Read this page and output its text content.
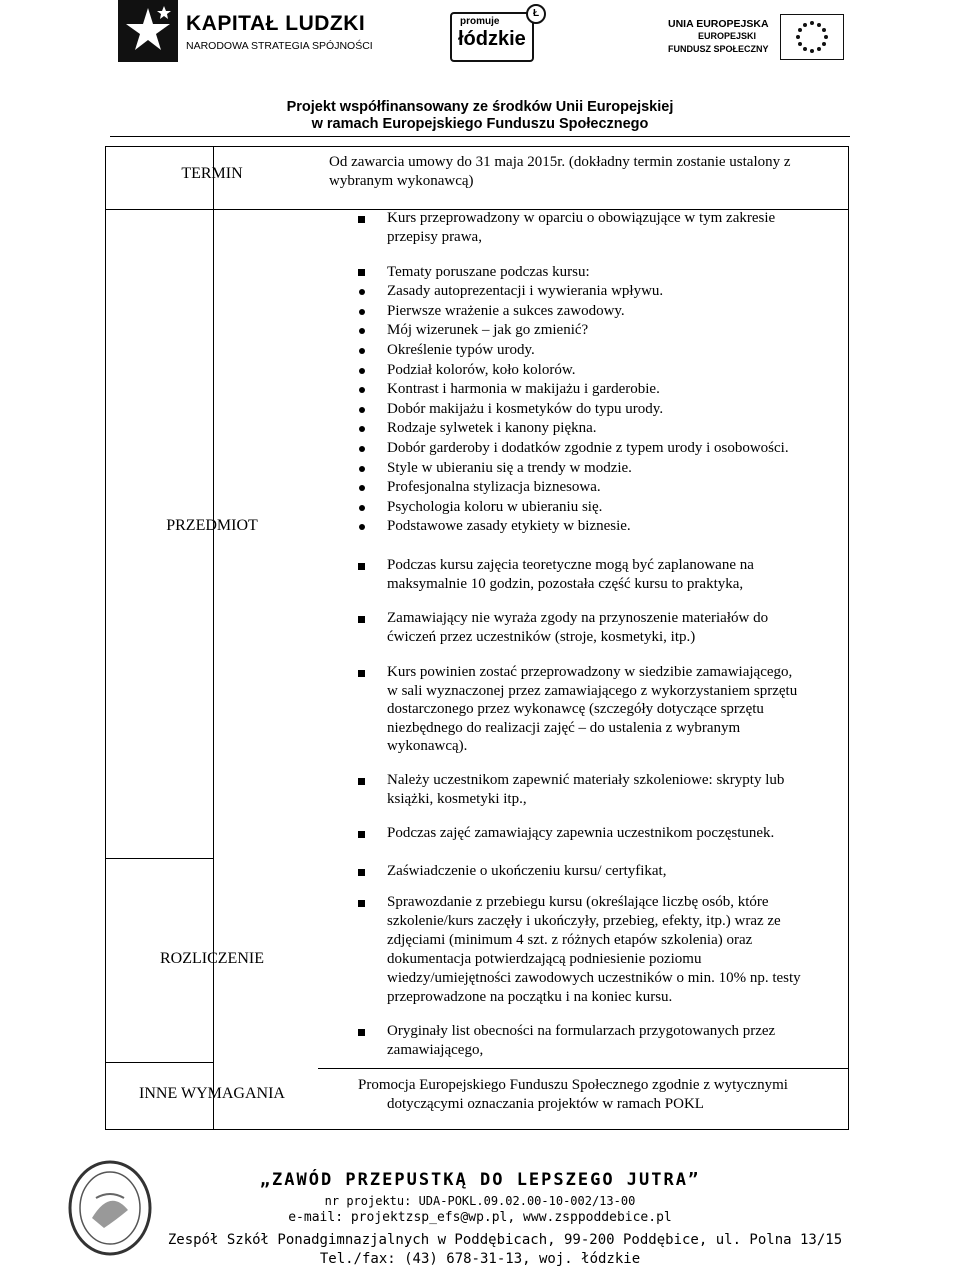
KAPITAŁ LUDZKI
NARODOWA STRATEGIA SPÓJNOŚCI
promuje
łódzkie
Ł
UNIA EUROPEJSKA
EUROPEJSKI
FUNDUSZ SPOŁECZNY
Projekt współfinansowany ze środków Unii Europejskiej
w ramach Europejskiego Funduszu Społecznego
TERMIN
PRZEDMIOT
ROZLICZENIE
INNE WYMAGANIA
Od zawarcia umowy do 31 maja 2015r. (dokładny termin zostanie ustalony z
wybranym wykonawcą)
Kurs przeprowadzony w oparciu o obowiązujące w tym zakresie
przepisy prawa,
Tematy poruszane podczas kursu:
Zasady autoprezentacji i wywierania wpływu.
Pierwsze wrażenie a sukces zawodowy.
Mój wizerunek – jak go zmienić?
Określenie typów urody.
Podział kolorów, koło kolorów.
Kontrast i harmonia w makijażu i garderobie.
Dobór makijażu i kosmetyków do typu urody.
Rodzaje sylwetek i kanony piękna.
Dobór garderoby i dodatków zgodnie z typem urody i osobowości.
Style w ubieraniu się a trendy w modzie.
Profesjonalna stylizacja biznesowa.
Psychologia koloru w ubieraniu się.
Podstawowe zasady etykiety w biznesie.
Podczas kursu zajęcia teoretyczne mogą być zaplanowane na
maksymalnie 10 godzin, pozostała część kursu to praktyka,
Zamawiający nie wyraża zgody na przynoszenie materiałów do
ćwiczeń przez uczestników (stroje, kosmetyki, itp.)
Kurs powinien zostać przeprowadzony w siedzibie zamawiającego,
w sali wyznaczonej przez zamawiającego z wykorzystaniem sprzętu
dostarczonego przez wykonawcę (szczegóły dotyczące sprzętu
niezbędnego do realizacji zajęć – do ustalenia z wybranym
wykonawcą).
Należy uczestnikom zapewnić materiały szkoleniowe: skrypty lub
książki, kosmetyki itp.,
Podczas zajęć zamawiający zapewnia uczestnikom poczęstunek.
Zaświadczenie o ukończeniu kursu/ certyfikat,
Sprawozdanie z przebiegu kursu (określające liczbę osób, które
szkolenie/kurs zaczęły i ukończyły, przebieg, efekty, itp.) wraz ze
zdjęciami (minimum 4 szt. z różnych etapów szkolenia) oraz
dokumentacja potwierdzającą podniesienie poziomu
wiedzy/umiejętności zawodowych uczestników o min. 10% np. testy
przeprowadzone na początku i na koniec kursu.
Oryginały list obecności na formularzach przygotowanych przez
zamawiającego,
Promocja Europejskiego Funduszu Społecznego zgodnie z wytycznymi
dotyczącymi oznaczania projektów w ramach POKL
„ZAWÓD PRZEPUSTKĄ DO LEPSZEGO JUTRA”
nr projektu: UDA-POKL.09.02.00-10-002/13-00
e-mail: projektzsp_efs@wp.pl, www.zsppoddebice.pl
Zespół Szkół Ponadgimnazjalnych w Poddębicach, 99-200 Poddębice, ul. Polna 13/15
Tel./fax: (43) 678-31-13, woj. łódzkie
